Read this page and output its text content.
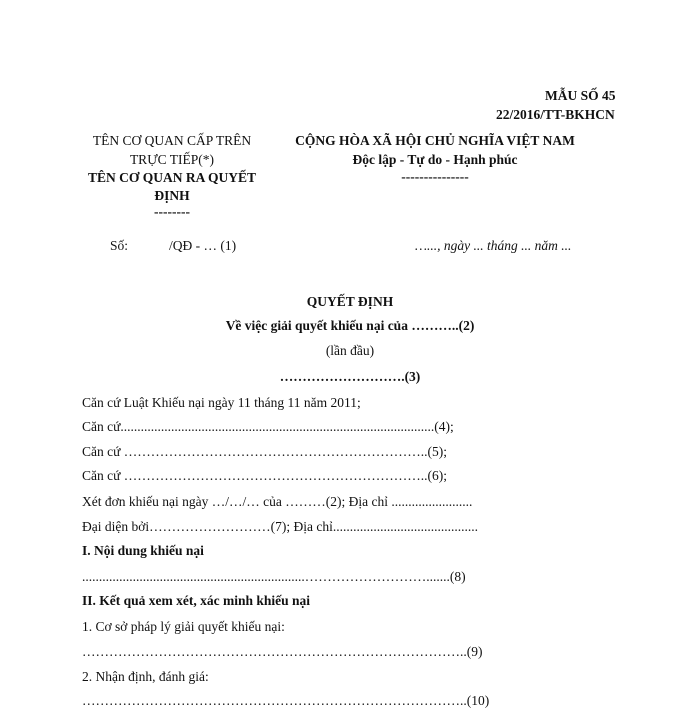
MẪU SỐ 45
22/2016/TT-BKHCN
TÊN CƠ QUAN CẤP TRÊN
TRỰC TIẾP(*)
TÊN CƠ QUAN RA QUYẾT
ĐỊNH
--------
CỘNG HÒA XÃ HỘI CHỦ NGHĨA VIỆT NAM
Độc lập - Tự do - Hạnh phúc
---------------
Số:	/QĐ - … (1)	…..., ngày ... tháng ... năm ...
QUYẾT ĐỊNH
Về việc giải quyết khiếu nại của ………..(2)
(lần đầu)
……………………….(3)
Căn cứ Luật Khiếu nại ngày 11 tháng 11 năm 2011;
Căn cứ.............................................................................................(4);
Căn cứ …………………………………………………………..(5);
Căn cứ …………………………………………………………..(6);
Xét đơn khiếu nại ngày …/…/… của ………(2); Địa chỉ ........................
Đại diện bởi………………………(7); Địa chỉ...........................................
I. Nội dung khiếu nại
..................................................................……………………….......(8)
II. Kết quả xem xét, xác minh khiếu nại
1. Cơ sở pháp lý giải quyết khiếu nại:
…………………………………………………………………………..(9)
2. Nhận định, đánh giá:
…………………………………………………………………………..(10)
